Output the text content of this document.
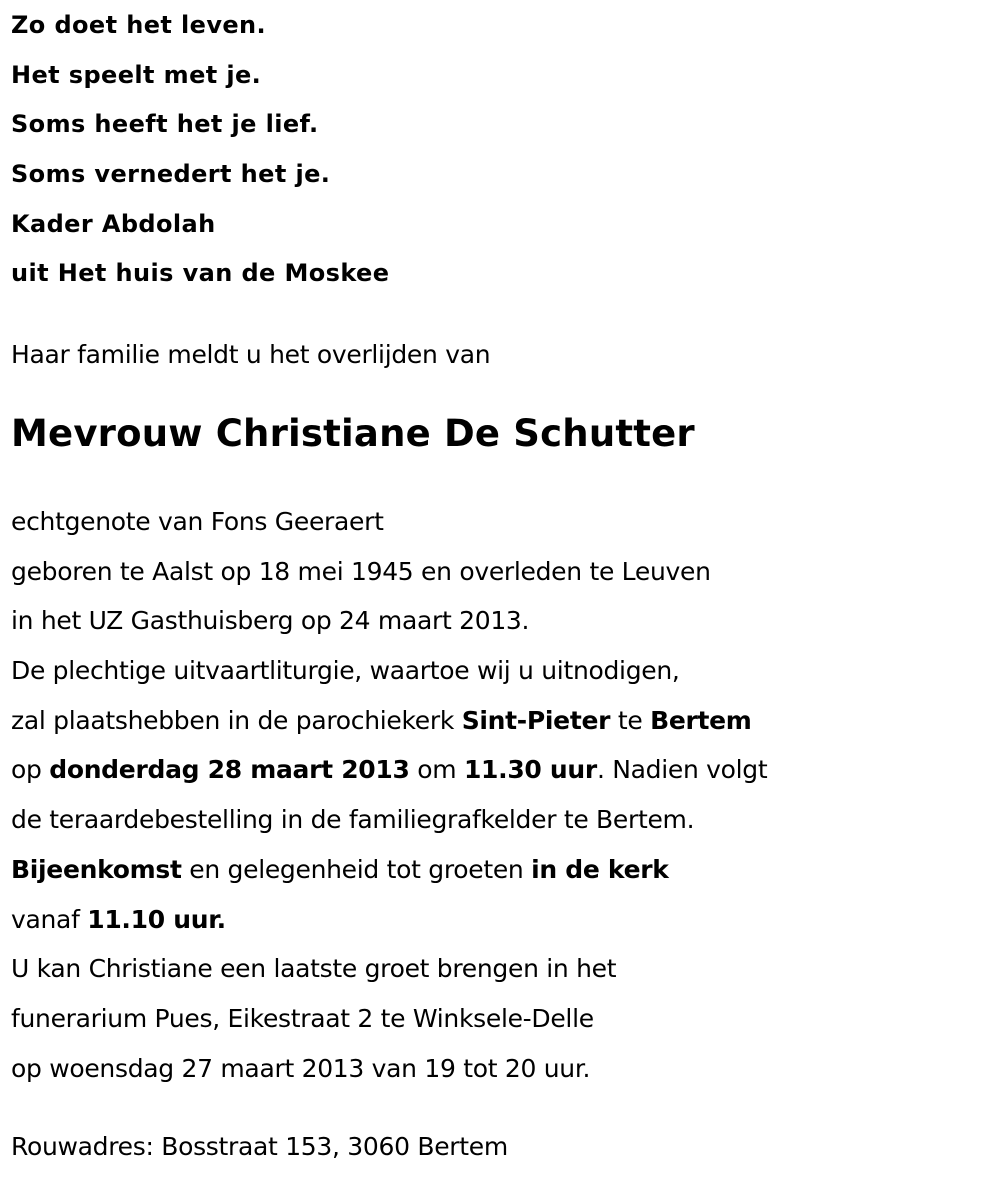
Zo doet het leven.
Het speelt met je.
Soms heeft het je lief.
Soms vernedert het je.
Kader Abdolah
uit Het huis van de Moskee
Haar familie meldt u het overlijden van
Mevrouw Christiane De Schutter
echtgenote van Fons Geeraert
geboren te Aalst op 18 mei 1945 en overleden te Leuven
in het UZ Gasthuisberg op 24 maart 2013.
De plechtige uitvaartliturgie, waartoe wij u uitnodigen,
zal plaatshebben in de parochiekerk Sint-Pieter te Bertem
op donderdag 28 maart 2013 om 11.30 uur. Nadien volgt
de teraardebestelling in de familiegrafkelder te Bertem.
Bijeenkomst en gelegenheid tot groeten in de kerk
vanaf 11.10 uur.
U kan Christiane een laatste groet brengen in het
funerarium Pues, Eikestraat 2 te Winksele-Delle
op woensdag 27 maart 2013 van 19 tot 20 uur.
Rouwadres: Bosstraat 153, 3060 Bertem
